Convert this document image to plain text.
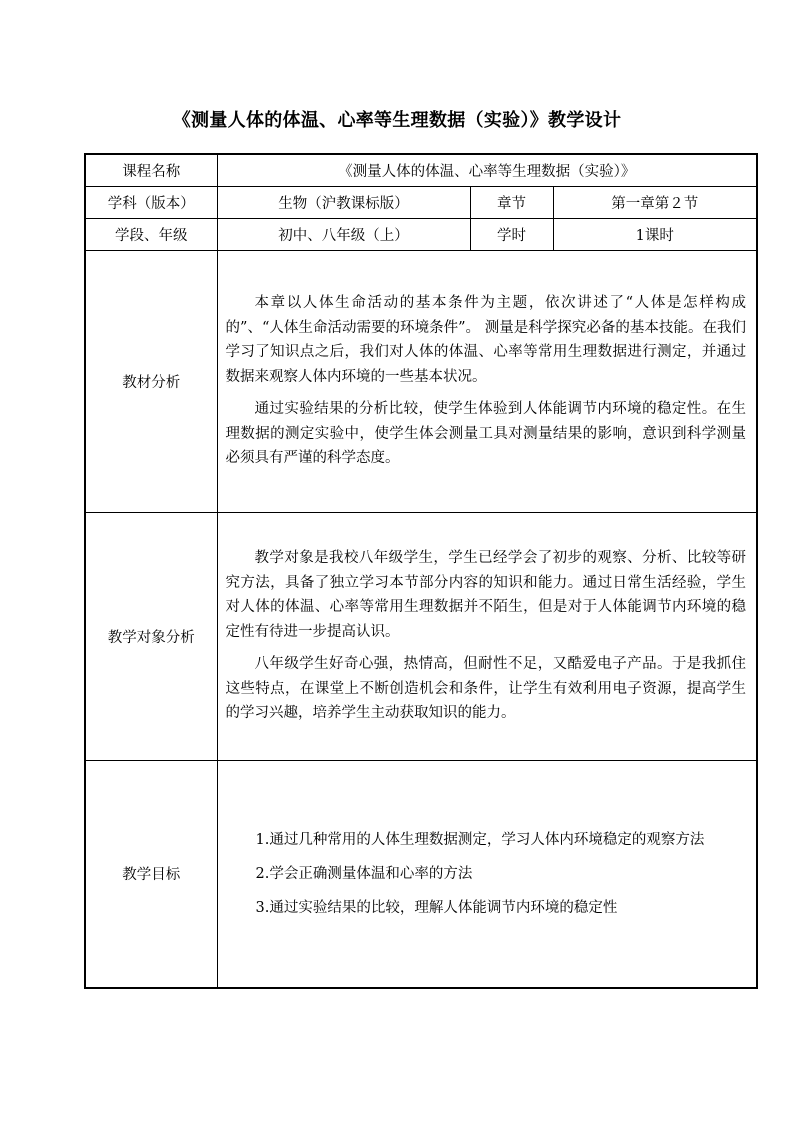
《测量人体的体温、心率等生理数据（实验）》教学设计
课程名称	《测量人体的体温、心率等生理数据（实验）》		
学科（版本）	生物（沪教课标版）	章节	第一章第２节
学段、年级	初中、八年级（上）	学时	1课时
教材分析	本章以人体生命活动的基本条件为主题，依次讲述了“人体是怎样构成的”、“人体生命活动需要的环境条件”。 测量是科学探究必备的基本技能。在我们学习了知识点之后，我们对人体的体温、心率等常用生理数据进行测定，并通过数据来观察人体内环境的一些基本状况。

通过实验结果的分析比较，使学生体验到人体能调节内环境的稳定性。在生理数据的测定实验中，使学生体会测量工具对测量结果的影响，意识到科学测量必须具有严谨的科学态度。		

教学对象分析	教学对象是我校八年级学生，学生已经学会了初步的观察、分析、比较等研究方法，具备了独立学习本节部分内容的知识和能力。通过日常生活经验，学生对人体的体温、心率等常用生理数据并不陌生，但是对于人体能调节内环境的稳定性有待进一步提高认识。

八年级学生好奇心强，热情高，但耐性不足，又酷爱电子产品。于是我抓住这些特点，在课堂上不断创造机会和条件，让学生有效利用电子资源，提高学生的学习兴趣，培养学生主动获取知识的能力。		

教学目标	1.通过几种常用的人体生理数据测定，学习人体内环境稳定的观察方法

2.学会正确测量体温和心率的方法

3.通过实验结果的比较，理解人体能调节内环境的稳定性		
